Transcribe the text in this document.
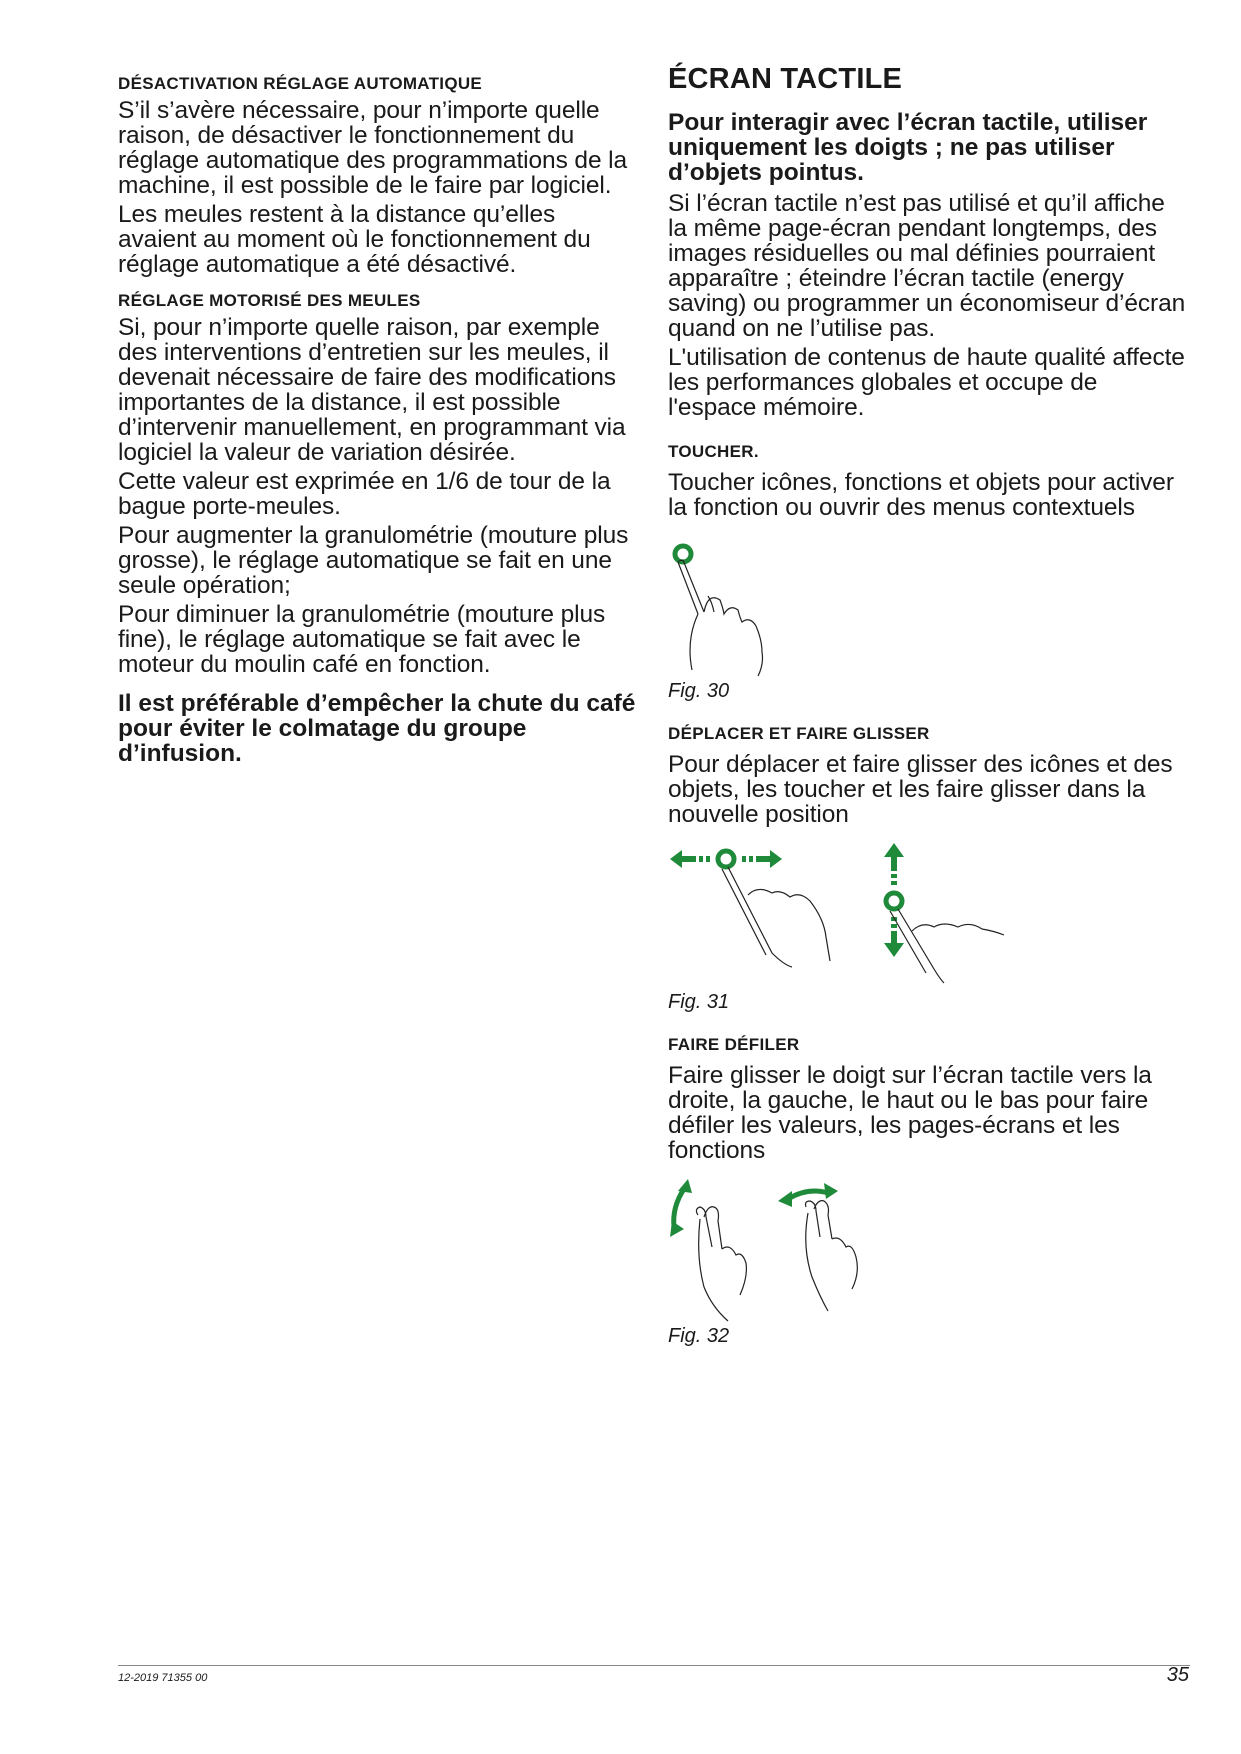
DÉSACTIVATION RÉGLAGE AUTOMATIQUE

S’il s’avère nécessaire, pour n’importe quelle raison, de désactiver le fonctionnement du réglage automatique des programmations de la machine, il est possible de le faire par logiciel.

Les meules restent à la distance qu’elles avaient au moment où le fonctionnement du réglage automatique a été désactivé.

RÉGLAGE MOTORISÉ DES MEULES

Si, pour n’importe quelle raison, par exemple des interventions d’entretien sur les meules, il devenait nécessaire de faire des modifications importantes de la distance, il est possible d’intervenir manuellement, en programmant via logiciel la valeur de variation désirée.

Cette valeur est exprimée en 1/6 de tour de la bague porte-meules.

Pour augmenter la granulométrie (mouture plus grosse), le réglage automatique se fait en une seule opération;

Pour diminuer la granulométrie (mouture plus fine), le réglage automatique se fait avec le moteur du moulin café en fonction.

Il est préférable d’empêcher la chute du café pour éviter le colmatage du groupe d’infusion.

ÉCRAN TACTILE

Pour interagir avec l’écran tactile, utiliser uniquement les doigts ; ne pas utiliser d’objets pointus.

Si l’écran tactile n’est pas utilisé et qu’il affiche la même page-écran pendant longtemps, des images résiduelles ou mal définies pourraient apparaître ; éteindre l’écran tactile (energy saving) ou programmer un économiseur d’écran quand on ne l’utilise pas.

L'utilisation de contenus de haute qualité affecte les performances globales et occupe de l'espace mémoire.

TOUCHER.

Toucher icônes, fonctions et objets pour activer la fonction ou ouvrir des menus contextuels

Fig. 30

DÉPLACER ET FAIRE GLISSER

Pour déplacer et faire glisser des icônes et des objets, les toucher et les faire glisser dans la nouvelle position

Fig. 31

FAIRE DÉFILER

Faire glisser le doigt sur l’écran tactile vers la droite, la gauche, le haut ou le bas pour faire défiler les valeurs, les pages-écrans et les fonctions

Fig. 32

12-2019 71355 00	35
